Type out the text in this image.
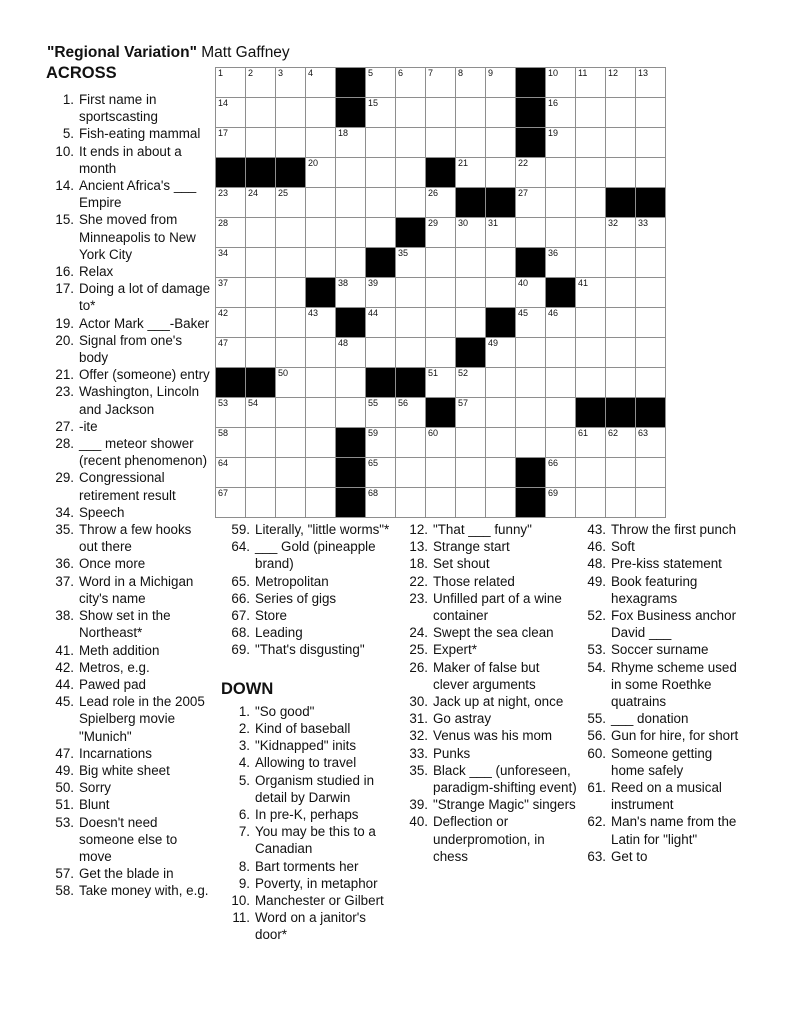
"Regional Variation" Matt Gaffney
ACROSS
1. First name in sportscasting
5. Fish-eating mammal
10. It ends in about a month
14. Ancient Africa's ___ Empire
15. She moved from Minneapolis to New York City
16. Relax
17. Doing a lot of damage to*
19. Actor Mark ___-Baker
20. Signal from one's body
21. Offer (someone) entry
23. Washington, Lincoln and Jackson
27. -ite
28. ___ meteor shower (recent phenomenon)
29. Congressional retirement result
34. Speech
35. Throw a few hooks out there
36. Once more
37. Word in a Michigan city's name
38. Show set in the Northeast*
41. Meth addition
42. Metros, e.g.
44. Pawed pad
45. Lead role in the 2005 Spielberg movie "Munich"
47. Incarnations
49. Big white sheet
50. Sorry
51. Blunt
53. Doesn't need someone else to move
57. Get the blade in
58. Take money with, e.g.
1	2	3	4		5	6	7	8	9		10	11	12	13

14					15						16			

17				18							19			

			20					21		22				

23	24	25					26			27				

28							29	30	31				32	33

34						35					36			

37				38	39					40		41		

42			43		44					45	46			

47				48					49					

		50					51	52						

53	54				55	56		57						

58					59		60					61	62	63

64					65						66			

67					68						69			

59. Literally, "little worms"*
64. ___ Gold (pineapple brand)
65. Metropolitan
66. Series of gigs
67. Store
68. Leading
69. "That's disgusting"
DOWN
1. "So good"
2. Kind of baseball
3. "Kidnapped" inits
4. Allowing to travel
5. Organism studied in detail by Darwin
6. In pre-K, perhaps
7. You may be this to a Canadian
8. Bart torments her
9. Poverty, in metaphor
10. Manchester or Gilbert
11. Word on a janitor's door*
12. "That ___ funny"
13. Strange start
18. Set shout
22. Those related
23. Unfilled part of a wine container
24. Swept the sea clean
25. Expert*
26. Maker of false but clever arguments
30. Jack up at night, once
31. Go astray
32. Venus was his mom
33. Punks
35. Black ___ (unforeseen, paradigm-shifting event)
39. "Strange Magic" singers
40. Deflection or underpromotion, in chess
43. Throw the first punch
46. Soft
48. Pre-kiss statement
49. Book featuring hexagrams
52. Fox Business anchor David ___
53. Soccer surname
54. Rhyme scheme used in some Roethke quatrains
55. ___ donation
56. Gun for hire, for short
60. Someone getting home safely
61. Reed on a musical instrument
62. Man's name from the Latin for "light"
63. Get to
